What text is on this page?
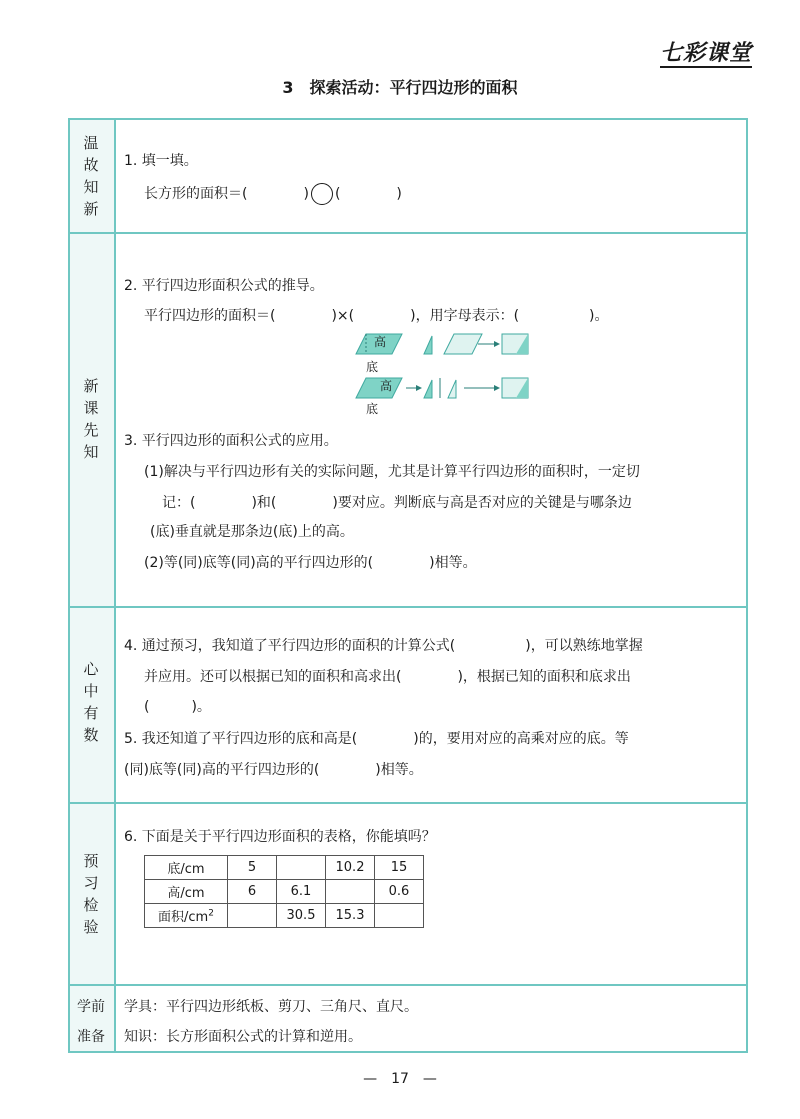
七彩课堂
3　探索活动：平行四边形的面积
温
故
知
新
新
课
先
知
心
中
有
数
预
习
检
验
学前
准备
1. 填一填。
长方形的面积＝(　　　　) (　　　　)
2. 平行四边形面积公式的推导。
平行四边形的面积＝(　　　　)×(　　　　)，用字母表示：(　　　　　)。
高
底
高
底
3. 平行四边形的面积公式的应用。
(1)解决与平行四边形有关的实际问题，尤其是计算平行四边形的面积时，一定切
记：(　　　　)和(　　　　)要对应。判断底与高是否对应的关键是与哪条边
(底)垂直就是那条边(底)上的高。
(2)等(同)底等(同)高的平行四边形的(　　　　)相等。
4. 通过预习，我知道了平行四边形的面积的计算公式(　　　　　)，可以熟练地掌握
并应用。还可以根据已知的面积和高求出(　　　　)，根据已知的面积和底求出
(　　　)。
5. 我还知道了平行四边形的底和高是(　　　　)的，要用对应的高乘对应的底。等
(同)底等(同)高的平行四边形的(　　　　)相等。
6. 下面是关于平行四边形面积的表格，你能填吗？
底/cm	5		10.2	15
高/cm	6	6.1		0.6
面积$/cm^2$		30.5	15.3	
学具：平行四边形纸板、剪刀、三角尺、直尺。
知识：长方形面积公式的计算和逆用。
—　17　—
